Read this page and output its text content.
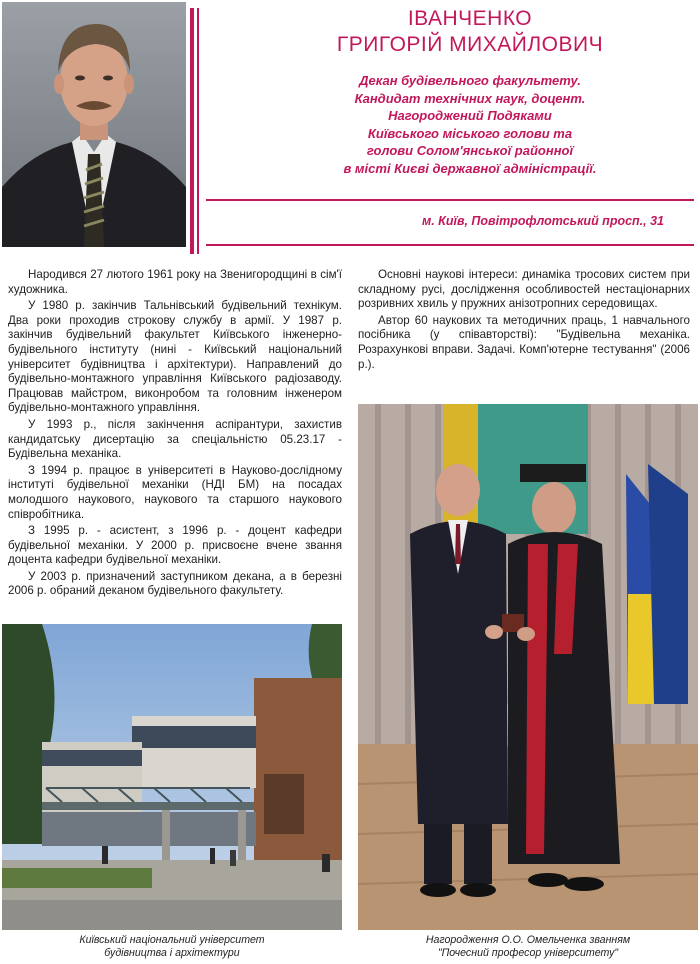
ІВАНЧЕНКО
ГРИГОРІЙ МИХАЙЛОВИЧ
Декан будівельного факультету.
Кандидат технічних наук, доцент.
Нагороджений Подяками
Київського міського голови та
голови Солом'янської районної
в місті Києві державної адміністрації.
м. Київ, Повітрофлотський просп., 31

Народився 27 лютого 1961 року на Звенигородщині в сім'ї художника.

У 1980 р. закінчив Тальнівський будівельний технікум. Два роки проходив строкову службу в армії. У 1987 р. закінчив будівельний факультет Київського інженерно-будівельного інституту (нині - Київський національний університет будівництва і архітектури). Направлений до будівельно-монтажного управління Київського радіозаводу. Працював майстром, виконробом та головним інженером будівельно-монтажного управління.

У 1993 р., після закінчення аспірантури, захистив кандидатську дисертацію за спеціальністю 05.23.17 - Будівельна механіка.

З 1994 р. працює в університеті в Науково-дослідному інституті будівельної механіки (НДІ БМ) на посадах молодшого наукового, наукового та старшого наукового співробітника.

З 1995 р. - асистент, з 1996 р. - доцент кафедри будівельної механіки. У 2000 р. присвоєне вчене звання доцента кафедри будівельної механіки.

У 2003 р. призначений заступником декана, а в березні 2006 р. обраний деканом будівельного факультету.

Основні наукові інтереси: динаміка тросових систем при складному русі, дослідження особливостей нестаціонарних розривних хвиль у пружних анізотропних середовищах.

Автор 60 наукових та методичних праць, 1 навчального посібника (у співавторстві): "Будівельна механіка. Розрахункові вправи. Задачі. Комп'ютерне тестування" (2006 р.).

Київський національний університет
будівництва і архітектури
Нагородження О.О. Омельченка званням
"Почесний професор університету"
